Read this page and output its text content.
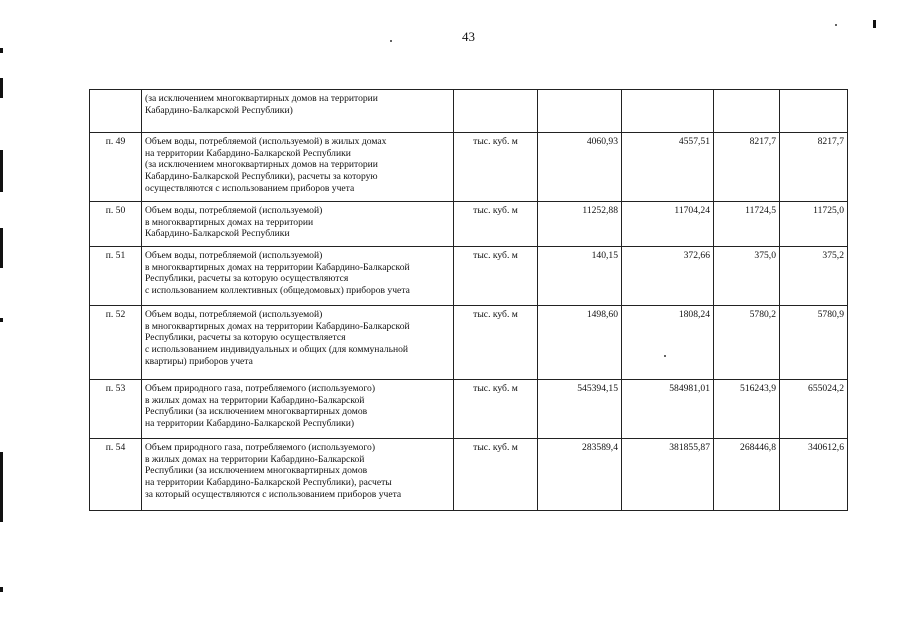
43

	(за исключением многоквартирных домов на территории
Кабардино-Балкарской Республики)					

п. 49	Объем воды, потребляемой (используемой) в жилых домах
на территории Кабардино-Балкарской Республики
(за исключением многоквартирных домов на территории
Кабардино-Балкарской Республики), расчеты за которую
осуществляются с использованием приборов учета	тыс. куб. м	4060,93	4557,51	8217,7	8217,7
п. 50	Объем воды, потребляемой (используемой)
в многоквартирных домах на территории
Кабардино-Балкарской Республики	тыс. куб. м	11252,88	11704,24	11724,5	11725,0
п. 51	Объем воды, потребляемой (используемой)
в многоквартирных домах на территории Кабардино-Балкарской
Республики, расчеты за которую осуществляются
с использованием коллективных (общедомовых) приборов учета	тыс. куб. м	140,15	372,66	375,0	375,2
п. 52	Объем воды, потребляемой (используемой)
в многоквартирных домах на территории Кабардино-Балкарской
Республики, расчеты за которую осуществляется
с использованием индивидуальных и общих (для коммунальной
квартиры) приборов учета	тыс. куб. м	1498,60	1808,24	5780,2	5780,9
п. 53	Объем природного газа, потребляемого (используемого)
в жилых домах на территории Кабардино-Балкарской
Республики (за исключением многоквартирных домов
на территории Кабардино-Балкарской Республики)	тыс. куб. м	545394,15	584981,01	516243,9	655024,2
п. 54	Объем природного газа, потребляемого (используемого)
в жилых домах на территории Кабардино-Балкарской
Республики (за исключением многоквартирных домов
на территории Кабардино-Балкарской Республики), расчеты
за который осуществляются с использованием приборов учета	тыс. куб. м	283589,4	381855,87	268446,8	340612,6
